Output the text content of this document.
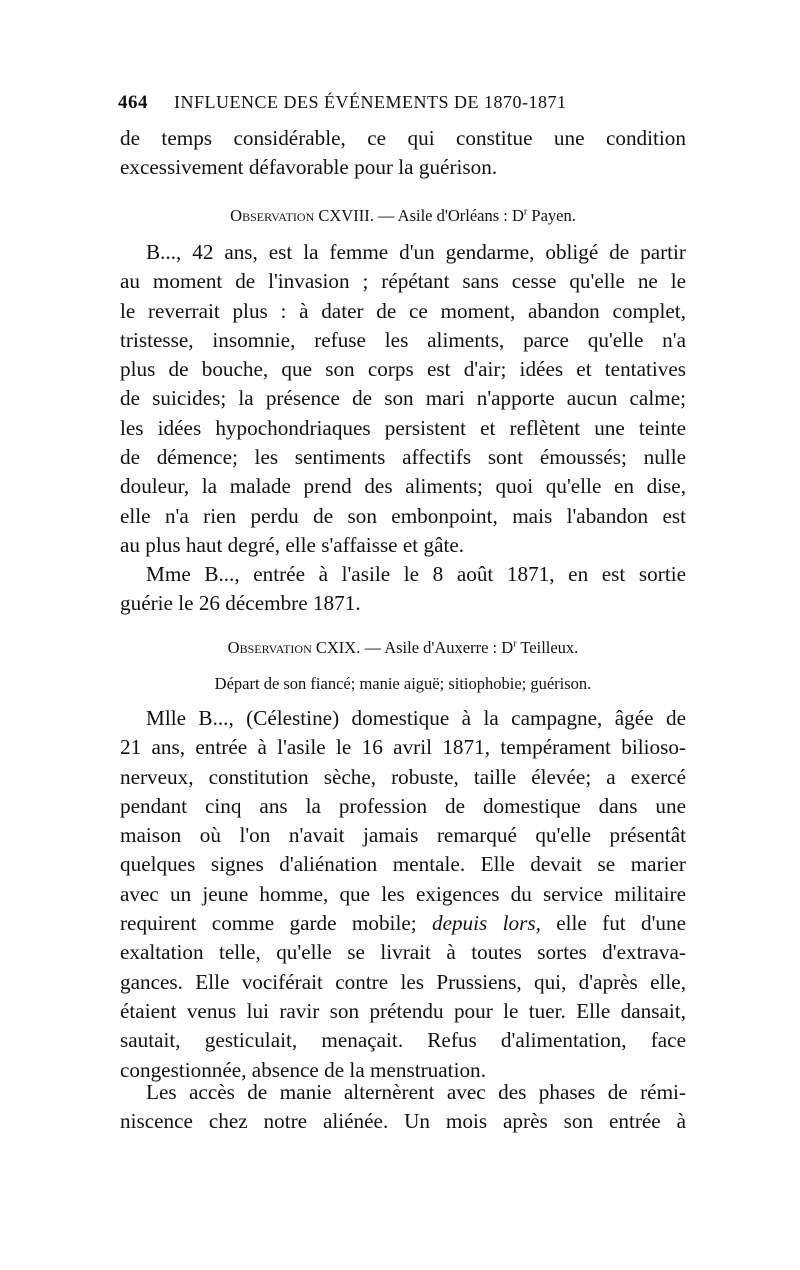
464 INFLUENCE DES ÉVÉNEMENTS DE 1870-1871

de temps considérable, ce qui constitue une condition
excessivement défavorable pour la guérison.

Observation CXVIII. — Asile d'Orléans : $D^r$ Payen.

B..., 42 ans, est la femme d'un gendarme, obligé de partir
au moment de l'invasion ; répétant sans cesse qu'elle ne le
le reverrait plus : à dater de ce moment, abandon complet,
tristesse, insomnie, refuse les aliments, parce qu'elle n'a
plus de bouche, que son corps est d'air; idées et tentatives
de suicides; la présence de son mari n'apporte aucun calme;
les idées hypochondriaques persistent et reflètent une teinte
de démence; les sentiments affectifs sont émoussés; nulle
douleur, la malade prend des aliments; quoi qu'elle en dise,
elle n'a rien perdu de son embonpoint, mais l'abandon est
au plus haut degré, elle s'affaisse et gâte.

Mme B..., entrée à l'asile le 8 août 1871, en est sortie
guérie le 26 décembre 1871.

Observation CXIX. — Asile d'Auxerre : $D^r$ Teilleux.

Départ de son fiancé; manie aiguë; sitiophobie; guérison.

Mlle B..., (Célestine) domestique à la campagne, âgée de
21 ans, entrée à l'asile le 16 avril 1871, tempérament bilioso-
nerveux, constitution sèche, robuste, taille élevée; a exercé
pendant cinq ans la profession de domestique dans une
maison où l'on n'avait jamais remarqué qu'elle présentât
quelques signes d'aliénation mentale. Elle devait se marier
avec un jeune homme, que les exigences du service militaire
requirent comme garde mobile; depuis lors, elle fut d'une
exaltation telle, qu'elle se livrait à toutes sortes d'extrava-
gances. Elle vociférait contre les Prussiens, qui, d'après elle,
étaient venus lui ravir son prétendu pour le tuer. Elle dansait,
sautait, gesticulait, menaçait. Refus d'alimentation, face
congestionnée, absence de la menstruation.

Les accès de manie alternèrent avec des phases de rémi-
niscence chez notre aliénée. Un mois après son entrée à
